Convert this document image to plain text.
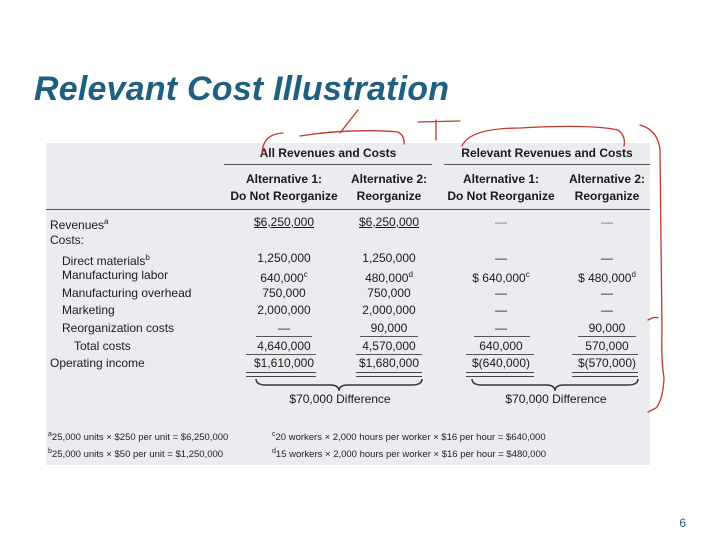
Relevant Cost Illustration
All Revenues and Costs	Relevant Revenues and Costs
Alternative 1:
Do Not Reorganize
Alternative 2:
Reorganize
Alternative 1:
Do Not Reorganize
Alternative 2:
Reorganize
Revenues$^a$	$6,250,000	$6,250,000	—	—
Costs:
Direct materials$^b$	1,250,000	1,250,000	—	—
Manufacturing labor	640,000$^c$	480,000$^d$	$ 640,000$^c$	$ 480,000$^d$
Manufacturing overhead	750,000	750,000	—	—
Marketing	2,000,000	2,000,000	—	—
Reorganization costs	—	90,000	—	90,000
Total costs	4,640,000	4,570,000	640,000	570,000
Operating income	$1,610,000	$1,680,000	$(640,000)	$(570,000)
$70,000 Difference	$70,000 Difference
$^a$25,000 units × $250 per unit = $6,250,000
$^b$25,000 units × $50 per unit = $1,250,000
$^c$20 workers × 2,000 hours per worker × $16 per hour = $640,000
$^d$15 workers × 2,000 hours per worker × $16 per hour = $480,000
6
